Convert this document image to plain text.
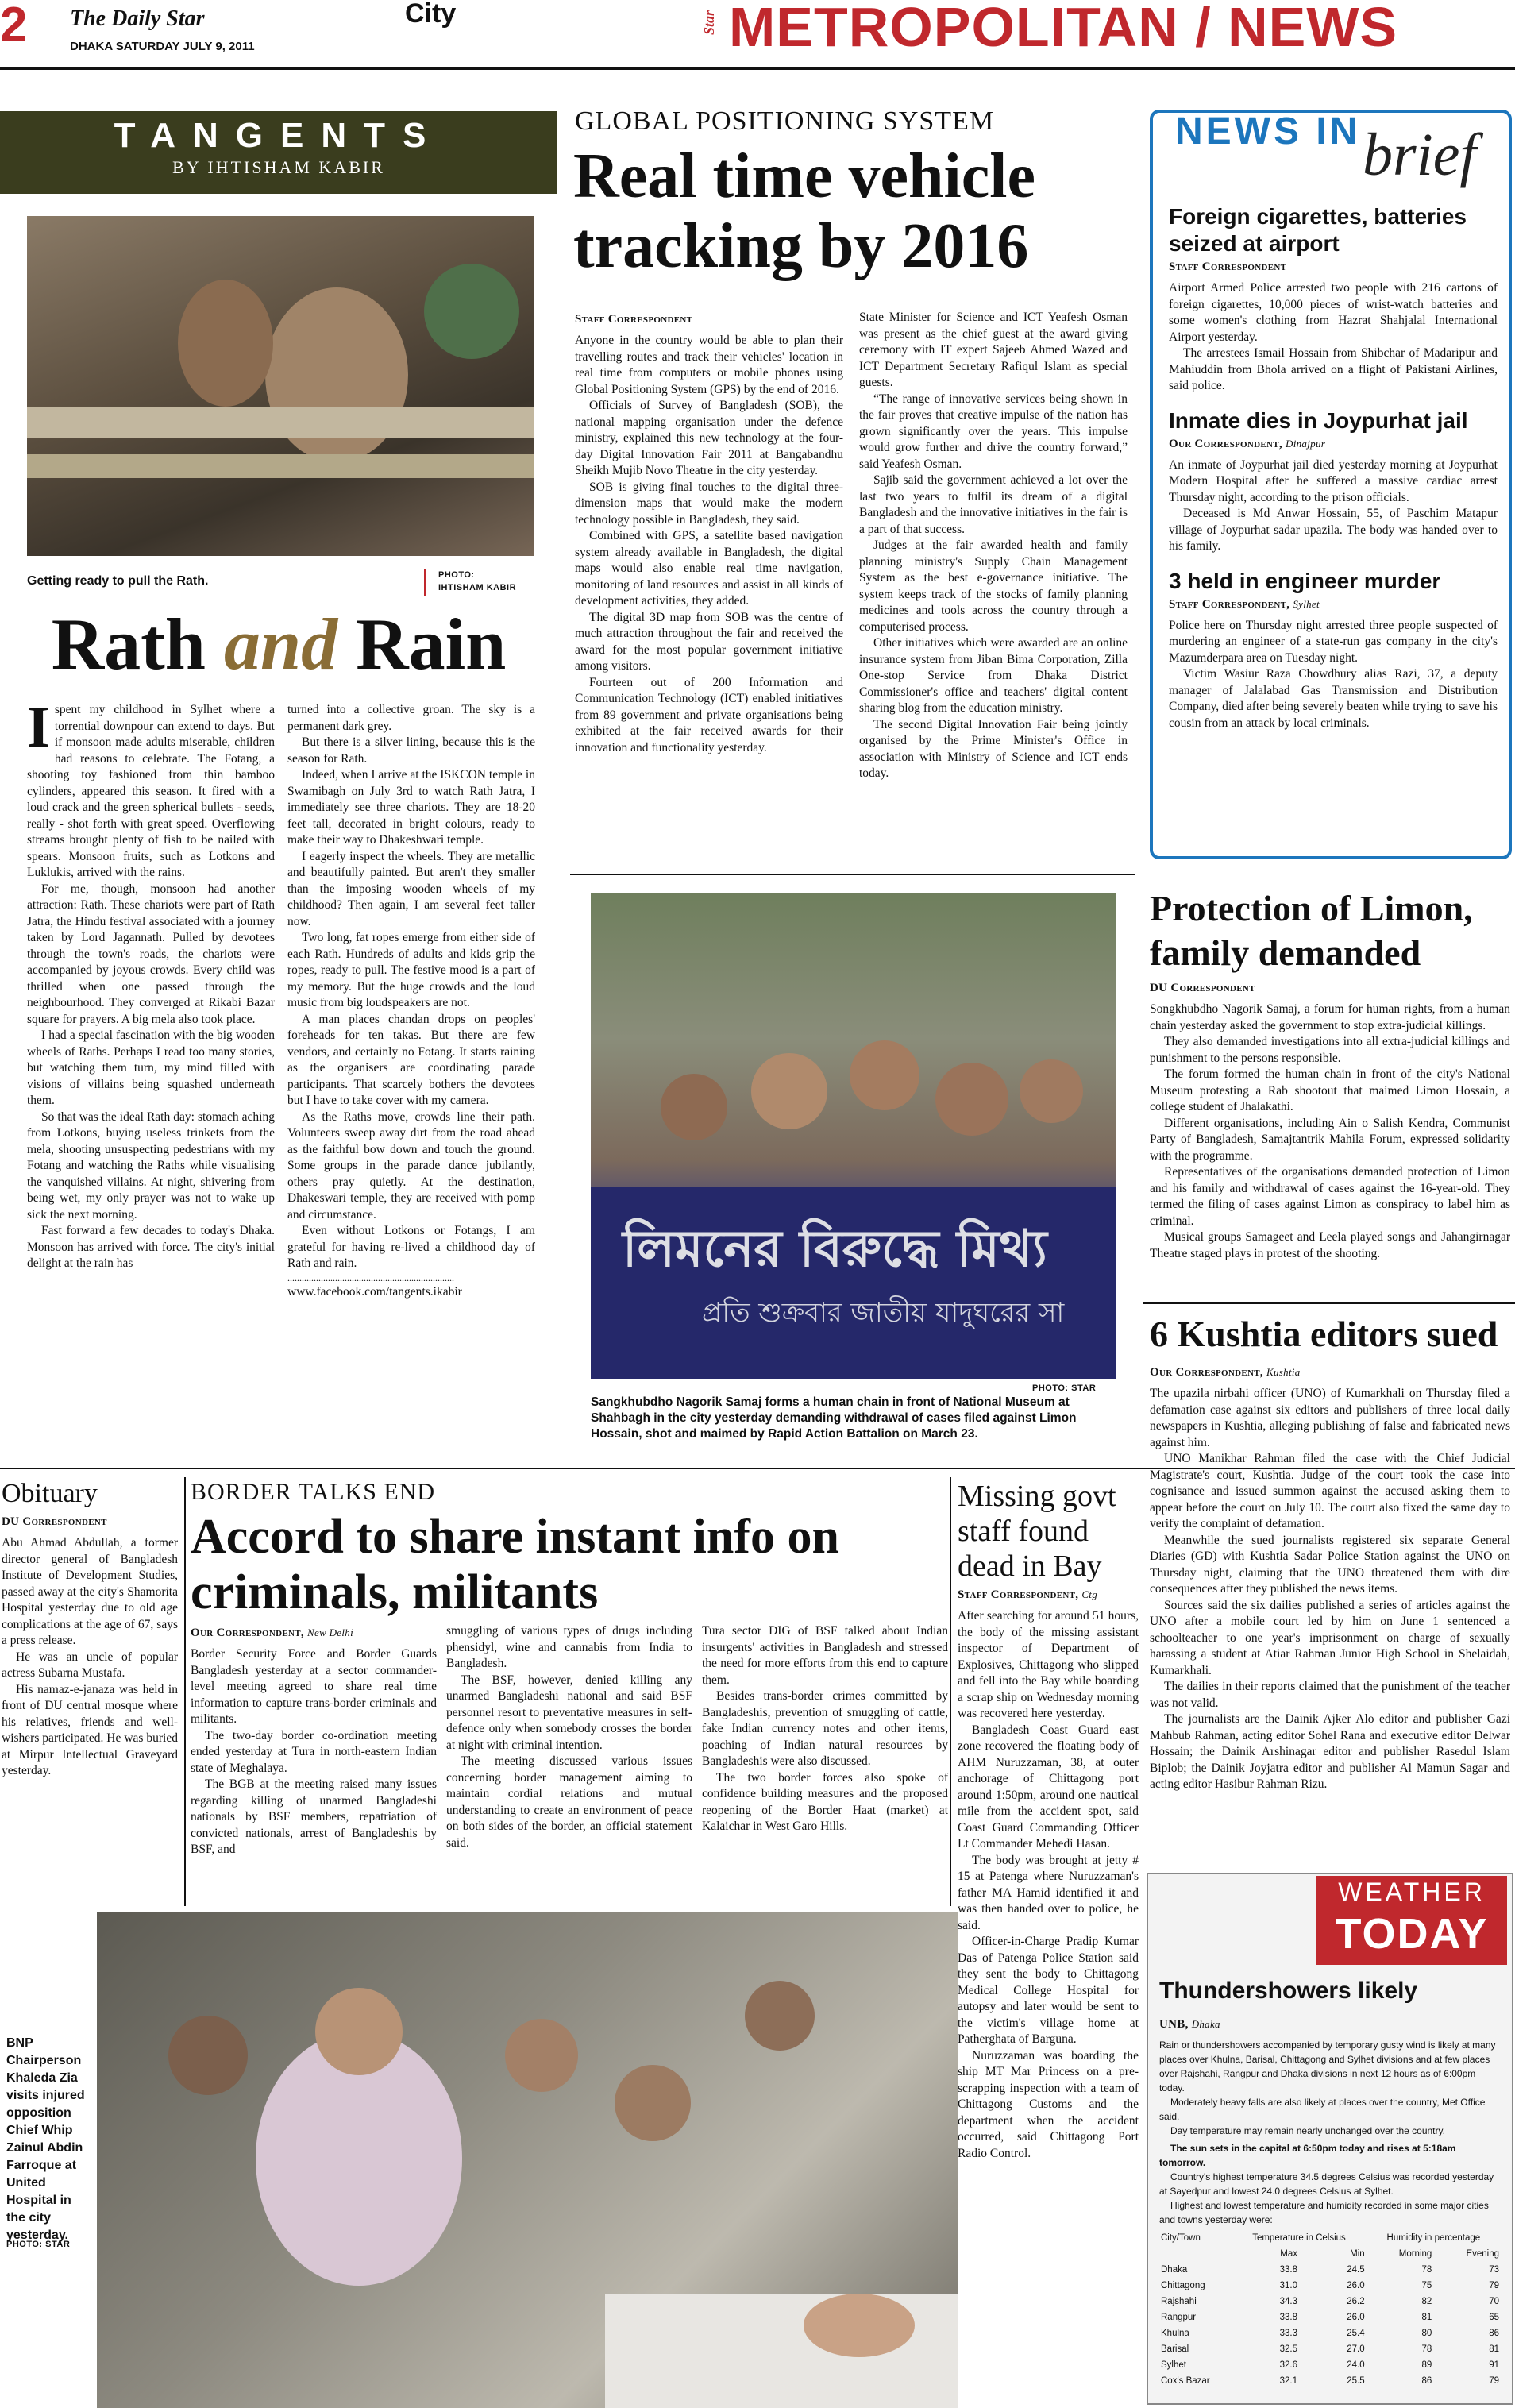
2 The Daily Star
DHAKA SATURDAY JULY 9, 2011
City	Star METROPOLITAN / NEWS
TANGENTS
BY IHTISHAM KABIR
Getting ready to pull the Rath.	PHOTO:
IHTISHAM KABIR
Rath and Rain

Ispent my childhood in Sylhet where a torrential downpour can extend to days. But if monsoon made adults miserable, children had reasons to celebrate. The Fotang, a shooting toy fashioned from thin bamboo cylinders, appeared this season. It fired with a loud crack and the green spherical bullets - seeds, really - shot forth with great speed. Overflowing streams brought plenty of fish to be nailed with spears. Monsoon fruits, such as Lotkons and Luklukis, arrived with the rains.

For me, though, monsoon had another attraction: Rath. These chariots were part of Rath Jatra, the Hindu festival associated with a journey taken by Lord Jagannath. Pulled by devotees through the town's roads, the chariots were accompanied by joyous crowds. Every child was thrilled when one passed through the neighbourhood. They converged at Rikabi Bazar square for prayers. A big mela also took place.

I had a special fascination with the big wooden wheels of Raths. Perhaps I read too many stories, but watching them turn, my mind filled with visions of villains being squashed underneath them.

So that was the ideal Rath day: stomach aching from Lotkons, buying useless trinkets from the mela, shooting unsuspecting pedestrians with my Fotang and watching the Raths while visualising the vanquished villains. At night, shivering from being wet, my only prayer was not to wake up sick the next morning.

Fast forward a few decades to today's Dhaka. Monsoon has arrived with force. The city's initial delight at the rain has

turned into a collective groan. The sky is a permanent dark grey.

But there is a silver lining, because this is the season for Rath.

Indeed, when I arrive at the ISKCON temple in Swamibagh on July 3rd to watch Rath Jatra, I immediately see three chariots. They are 18-20 feet tall, decorated in bright colours, ready to make their way to Dhakeshwari temple.

I eagerly inspect the wheels. They are metallic and beautifully painted. But aren't they smaller than the imposing wooden wheels of my childhood? Then again, I am several feet taller now.

Two long, fat ropes emerge from either side of each Rath. Hundreds of adults and kids grip the ropes, ready to pull. The festive mood is a part of my memory. But the huge crowds and the loud music from big loudspeakers are not.

A man places chandan drops on peoples' foreheads for ten takas. But there are few vendors, and certainly no Fotang. It starts raining as the organisers are coordinating parade participants. That scarcely bothers the devotees but I have to take cover with my camera.

As the Raths move, crowds line their path. Volunteers sweep away dirt from the road ahead as the faithful bow down and touch the ground. Some groups in the parade dance jubilantly, others pray quietly. At the destination, Dhakeswari temple, they are received with pomp and circumstance.

Even without Lotkons or Fotangs, I am grateful for having re-lived a childhood day of Rath and rain.

......................................................................
www.facebook.com/tangents.ikabir
GLOBAL POSITIONING SYSTEM
Real time vehicle
tracking by 2016
Staff Correspondent

Anyone in the country would be able to plan their travelling routes and track their vehicles' location in real time from computers or mobile phones using Global Positioning System (GPS) by the end of 2016.

Officials of Survey of Bangladesh (SOB), the national mapping organisation under the defence ministry, explained this new technology at the four-day Digital Innovation Fair 2011 at Bangabandhu Sheikh Mujib Novo Theatre in the city yesterday.

SOB is giving final touches to the digital three-dimension maps that would make the modern technology possible in Bangladesh, they said.

Combined with GPS, a satellite based navigation system already available in Bangladesh, the digital maps would also enable real time navigation, monitoring of land resources and assist in all kinds of development activities, they added.

The digital 3D map from SOB was the centre of much attraction throughout the fair and received the award for the most popular government initiative among visitors.

Fourteen out of 200 Information and Communication Technology (ICT) enabled initiatives from 89 government and private organisations being exhibited at the fair received awards for their innovation and functionality yesterday.

State Minister for Science and ICT Yeafesh Osman was present as the chief guest at the award giving ceremony with IT expert Sajeeb Ahmed Wazed and ICT Department Secretary Rafiqul Islam as special guests.

“The range of innovative services being shown in the fair proves that creative impulse of the nation has grown significantly over the years. This impulse would grow further and drive the country forward,” said Yeafesh Osman.

Sajib said the government achieved a lot over the last two years to fulfil its dream of a digital Bangladesh and the innovative initiatives in the fair is a part of that success.

Judges at the fair awarded health and family planning ministry's Supply Chain Management System as the best e-governance initiative. The system keeps track of the stocks of family planning medicines and tools across the country through a computerised process.

Other initiatives which were awarded are an online insurance system from Jiban Bima Corporation, Zilla One-stop Service from Dhaka District Commissioner's office and teachers' digital content sharing blog from the education ministry.

The second Digital Innovation Fair being jointly organised by the Prime Minister's Office in association with Ministry of Science and ICT ends today.

NEWS IN brief
Foreign cigarettes, batteries seized at airport
Staff Correspondent

Airport Armed Police arrested two people with 216 cartons of foreign cigarettes, 10,000 pieces of wrist-watch batteries and some women's clothing from Hazrat Shahjalal International Airport yesterday.

The arrestees Ismail Hossain from Shibchar of Madaripur and Mahiuddin from Bhola arrived on a flight of Pakistani Airlines, said police.

Inmate dies in Joypurhat jail
Our Correspondent, Dinajpur

An inmate of Joypurhat jail died yesterday morning at Joypurhat Modern Hospital after he suffered a massive cardiac arrest Thursday night, according to the prison officials.

Deceased is Md Anwar Hossain, 55, of Paschim Matapur village of Joypurhat sadar upazila. The body was handed over to his family.

3 held in engineer murder
Staff Correspondent, Sylhet

Police here on Thursday night arrested three people suspected of murdering an engineer of a state-run gas company in the city's Mazumderpara area on Tuesday night.

Victim Wasiur Raza Chowdhury alias Razi, 37, a deputy manager of Jalalabad Gas Transmission and Distribution Company, died after being severely beaten while trying to save his cousin from an attack by local criminals.

লিমনের বিরুদ্ধে মিথ্য
প্রতি শুক্রবার জাতীয় যাদুঘরের সা
PHOTO: STAR
Sangkhubdho Nagorik Samaj forms a human chain in front of National Museum at Shahbagh in the city yesterday demanding withdrawal of cases filed against Limon Hossain, shot and maimed by Rapid Action Battalion on March 23.
Protection of Limon, family demanded
DU Correspondent

Songkhubdho Nagorik Samaj, a forum for human rights, from a human chain yesterday asked the government to stop extra-judicial killings.

They also demanded investigations into all extra-judicial killings and punishment to the persons responsible.

The forum formed the human chain in front of the city's National Museum protesting a Rab shootout that maimed Limon Hossain, a college student of Jhalakathi.

Different organisations, including Ain o Salish Kendra, Communist Party of Bangladesh, Samajtantrik Mahila Forum, expressed solidarity with the programme.

Representatives of the organisations demanded protection of Limon and his family and withdrawal of cases against the 16-year-old. They termed the filing of cases against Limon as conspiracy to label him as criminal.

Musical groups Samageet and Leela played songs and Jahangirnagar Theatre staged plays in protest of the shooting.

6 Kushtia editors sued
Our Correspondent, Kushtia

The upazila nirbahi officer (UNO) of Kumarkhali on Thursday filed a defamation case against six editors and publishers of three local daily newspapers in Kushtia, alleging publishing of false and fabricated news against him.

UNO Manikhar Rahman filed the case with the Chief Judicial Magistrate's court, Kushtia. Judge of the court took the case into cognisance and issued summon against the accused asking them to appear before the court on July 10. The court also fixed the same day to verify the complaint of defamation.

Meanwhile the sued journalists registered six separate General Diaries (GD) with Kushtia Sadar Police Station against the UNO on Thursday night, claiming that the UNO threatened them with dire consequences after they published the news items.

Sources said the six dailies published a series of articles against the UNO after a mobile court led by him on June 1 sentenced a schoolteacher to one year's imprisonment on charge of sexually harassing a student at Atiar Rahman Junior High School in Shelaidah, Kumarkhali.

The dailies in their reports claimed that the punishment of the teacher was not valid.

The journalists are the Dainik Ajker Alo editor and publisher Gazi Mahbub Rahman, acting editor Sohel Rana and executive editor Delwar Hossain; the Dainik Arshinagar editor and publisher Rasedul Islam Biplob; the Dainik Joyjatra editor and publisher Al Mamun Sagar and acting editor Hasibur Rahman Rizu.

Obituary
DU Correspondent

Abu Ahmad Abdullah, a former director general of Bangladesh Institute of Development Studies, passed away at the city's Shamorita Hospital yesterday due to old age complications at the age of 67, says a press release.

He was an uncle of popular actress Subarna Mustafa.

His namaz-e-janaza was held in front of DU central mosque where his relatives, friends and well-wishers participated. He was buried at Mirpur Intellectual Graveyard yesterday.

BORDER TALKS END
Accord to share instant info on criminals, militants
Our Correspondent, New Delhi

Border Security Force and Border Guards Bangladesh yesterday at a sector commander-level meeting agreed to share real time information to capture trans-border criminals and militants.

The two-day border co-ordination meeting ended yesterday at Tura in north-eastern Indian state of Meghalaya.

The BGB at the meeting raised many issues regarding killing of unarmed Bangladeshi nationals by BSF members, repatriation of convicted nationals, arrest of Bangladeshis by BSF, and

smuggling of various types of drugs including phensidyl, wine and cannabis from India to Bangladesh.

The BSF, however, denied killing any unarmed Bangladeshi national and said BSF personnel resort to preventative measures in self-defence only when somebody crosses the border at night with criminal intention.

The meeting discussed various issues concerning border management aiming to maintain cordial relations and mutual understanding to create an environment of peace on both sides of the border, an official statement said.

Tura sector DIG of BSF talked about Indian insurgents' activities in Bangladesh and stressed the need for more efforts from this end to capture them.

Besides trans-border crimes committed by Bangladeshis, prevention of smuggling of cattle, fake Indian currency notes and other items, poaching of Indian natural resources by Bangladeshis were also discussed.

The two border forces also spoke of confidence building measures and the proposed reopening of the Border Haat (market) at Kalaichar in West Garo Hills.

BNP Chairperson Khaleda Zia visits injured opposition Chief Whip Zainul Abdin Farroque at United Hospital in the city yesterday.
PHOTO: STAR
Missing govt staff found dead in Bay
Staff Correspondent, Ctg

After searching for around 51 hours, the body of the missing assistant inspector of Department of Explosives, Chittagong who slipped and fell into the Bay while boarding a scrap ship on Wednesday morning was recovered here yesterday.

Bangladesh Coast Guard east zone recovered the floating body of AHM Nuruzzaman, 38, at outer anchorage of Chittagong port around 1:50pm, around one nautical mile from the accident spot, said Coast Guard Commanding Officer Lt Commander Mehedi Hasan.

The body was brought at jetty # 15 at Patenga where Nuruzzaman's father MA Hamid identified it and was then handed over to police, he said.

Officer-in-Charge Pradip Kumar Das of Patenga Police Station said they sent the body to Chittagong Medical College Hospital for autopsy and later would be sent to the victim's village home at Patherghata of Barguna.

Nuruzzaman was boarding the ship MT Mar Princess on a pre-scrapping inspection with a team of Chittagong Customs and the department when the accident occurred, said Chittagong Port Radio Control.

WEATHER
TODAY
Thundershowers likely
UNB, Dhaka
Rain or thundershowers accompanied by temporary gusty wind is likely at many places over Khulna, Barisal, Chittagong and Sylhet divisions and at few places over Rajshahi, Rangpur and Dhaka divisions in next 12 hours as of 6:00pm today.
Moderately heavy falls are also likely at places over the country, Met Office said.
Day temperature may remain nearly unchanged over the country.
The sun sets in the capital at 6:50pm today and rises at 5:18am tomorrow.
Country's highest temperature 34.5 degrees Celsius was recorded yesterday at Sayedpur and lowest 24.0 degrees Celsius at Sylhet.
Highest and lowest temperature and humidity recorded in some major cities and towns yesterday were:
City/Town	Temperature in Celsius		Humidity in percentage	
	Max	Min	Morning	Evening
Dhaka	33.8	24.5	78	73
Chittagong	31.0	26.0	75	79
Rajshahi	34.3	26.2	82	70
Rangpur	33.8	26.0	81	65
Khulna	33.3	25.4	80	86
Barisal	32.5	27.0	78	81
Sylhet	32.6	24.0	89	91
Cox's Bazar	32.1	25.5	86	79
